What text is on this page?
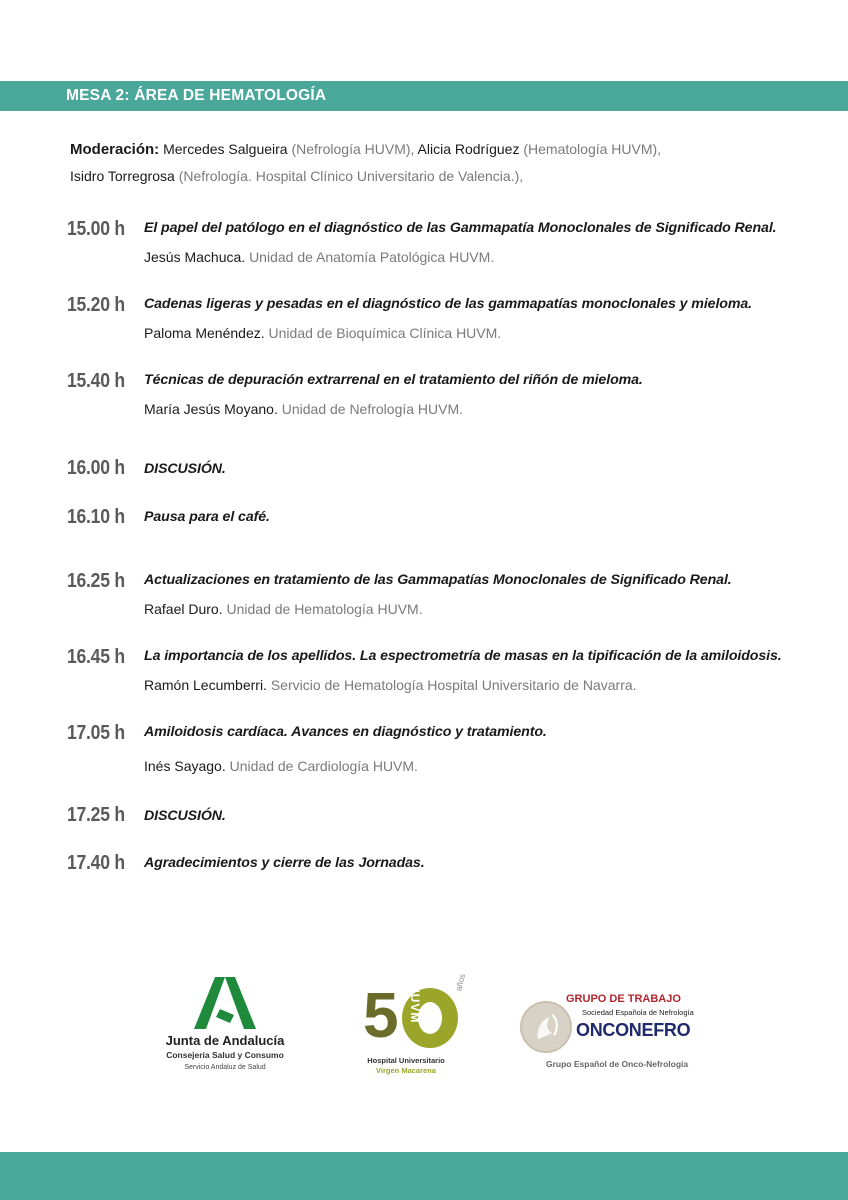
MESA 2: ÁREA DE HEMATOLOGÍA
Moderación: Mercedes Salgueira (Nefrología HUVM), Alicia Rodríguez (Hematología HUVM),
Isidro Torregrosa (Nefrología. Hospital Clínico Universitario de Valencia.),
15.00 h El papel del patólogo en el diagnóstico de las Gammapatía Monoclonales de Significado Renal.
Jesús Machuca. Unidad de Anatomía Patológica HUVM.
15.20 h Cadenas ligeras y pesadas en el diagnóstico de las gammapatías monoclonales y mieloma.
Paloma Menéndez. Unidad de Bioquímica Clínica HUVM.
15.40 h Técnicas de depuración extrarrenal en el tratamiento del riñón de mieloma.
María Jesús Moyano. Unidad de Nefrología HUVM.
16.00 h DISCUSIÓN.
16.10 h Pausa para el café.
16.25 h Actualizaciones en tratamiento de las Gammapatías Monoclonales de Significado Renal.
Rafael Duro. Unidad de Hematología HUVM.
16.45 h La importancia de los apellidos. La espectrometría de masas en la tipificación de la amiloidosis.
Ramón Lecumberri. Servicio de Hematología Hospital Universitario de Navarra.
17.05 h Amiloidosis cardíaca. Avances en diagnóstico y tratamiento.
Inés Sayago. Unidad de Cardiología HUVM.
17.25 h DISCUSIÓN.
17.40 h Agradecimientos y cierre de las Jornadas.
Junta de Andalucía
Consejería Salud y Consumo
Servicio Andaluz de Salud
5 HUVM
años
Hospital Universitario
Virgen Macarena
GRUPO DE TRABAJO
Sociedad Española de Nefrología
ONCONEFRO
Grupo Español de Onco-Nefrología
